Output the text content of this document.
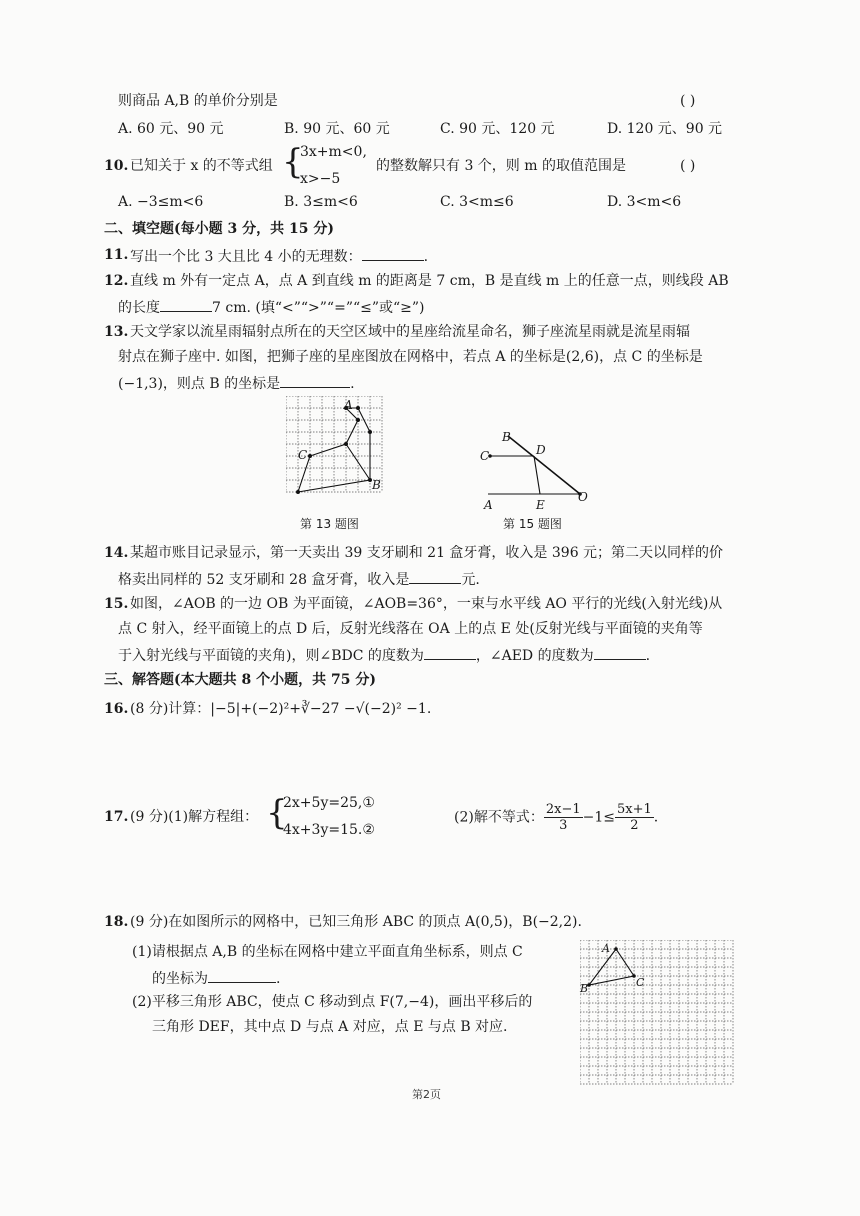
则商品 A,B 的单价分别是	( )
A. 60 元、90 元	B. 90 元、60 元	C. 90 元、120 元	D. 120 元、90 元
10. 已知关于 x 的不等式组 {
3x+m<0,
x>−5
的整数解只有 3 个，则 m 的取值范围是	( )
A. −3≤m<6	B. 3≤m<6	C. 3<m≤6	D. 3<m<6
二、填空题(每小题 3 分，共 15 分)
11. 写出一个比 3 大且比 4 小的无理数：	.
12. 直线 m 外有一定点 A，点 A 到直线 m 的距离是 7 cm，B 是直线 m 上的任意一点，则线段 AB
的长度	7 cm. (填“<”“>”“=”“≤”或“≥”)
13. 天文学家以流星雨辐射点所在的天空区域中的星座给流星命名，狮子座流星雨就是流星雨辐
射点在狮子座中. 如图，把狮子座的星座图放在网格中，若点 A 的坐标是(2,6)，点 C 的坐标是
(−1,3)，则点 B 的坐标是	.
A
C
B
第 13 题图
B
C	D
A	E
O
第 15 题图
14. 某超市账目记录显示，第一天卖出 39 支牙刷和 21 盒牙膏，收入是 396 元；第二天以同样的价
格卖出同样的 52 支牙刷和 28 盒牙膏，收入是	元.
15. 如图，∠AOB 的一边 OB 为平面镜，∠AOB=36°，一束与水平线 AO 平行的光线(入射光线)从
点 C 射入，经平面镜上的点 D 后，反射光线落在 OA 上的点 E 处(反射光线与平面镜的夹角等
于入射光线与平面镜的夹角)，则∠BDC 的度数为	，∠AED 的度数为	.
三、解答题(本大题共 8 个小题，共 75 分)
16. (8 分)计算：|−5|+(−2)²+∛−27 −√(−2)² −1.
17. (9 分)(1)解方程组： {
2x+5y=25,①
4x+3y=15.②
(2)解不等式： $\frac{2x-1}{3} -1\le \frac{5x+1}{2}$ .
18. (9 分)在如图所示的网格中，已知三角形 ABC 的顶点 A(0,5)，B(−2,2).
(1)请根据点 A,B 的坐标在网格中建立平面直角坐标系，则点 C
的坐标为	.
(2)平移三角形 ABC，使点 C 移动到点 F(7,−4)，画出平移后的
三角形 DEF，其中点 D 与点 A 对应，点 E 与点 B 对应.
A
B	C
第2页
